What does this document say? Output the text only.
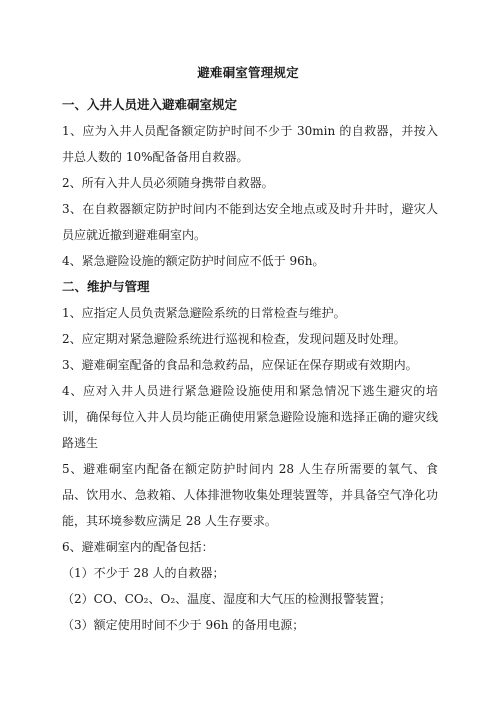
避难硐室管理规定

一、入井人员进入避难硐室规定

1、应为入井人员配备额定防护时间不少于 30min 的自救器，并按入井总人数的 10%配备备用自救器。

2、所有入井人员必须随身携带自救器。

3、在自救器额定防护时间内不能到达安全地点或及时升井时，避灾人员应就近撤到避难硐室内。

4、紧急避险设施的额定防护时间应不低于 96h。

二、维护与管理

1、应指定人员负责紧急避险系统的日常检查与维护。

2、应定期对紧急避险系统进行巡视和检查，发现问题及时处理。

3、避难硐室配备的食品和急救药品，应保证在保存期或有效期内。

4、应对入井人员进行紧急避险设施使用和紧急情况下逃生避灾的培训，确保每位入井人员均能正确使用紧急避险设施和选择正确的避灾线路逃生

5、避难硐室内配备在额定防护时间内 28 人生存所需要的氧气、食品、饮用水、急救箱、人体排泄物收集处理装置等，并具备空气净化功能，其环境参数应满足 28 人生存要求。

6、避难硐室内的配备包括：

（1）不少于 28 人的自救器；

（2）CO、CO₂、O₂、温度、湿度和大气压的检测报警装置；

（3）额定使用时间不少于 96h 的备用电源；
